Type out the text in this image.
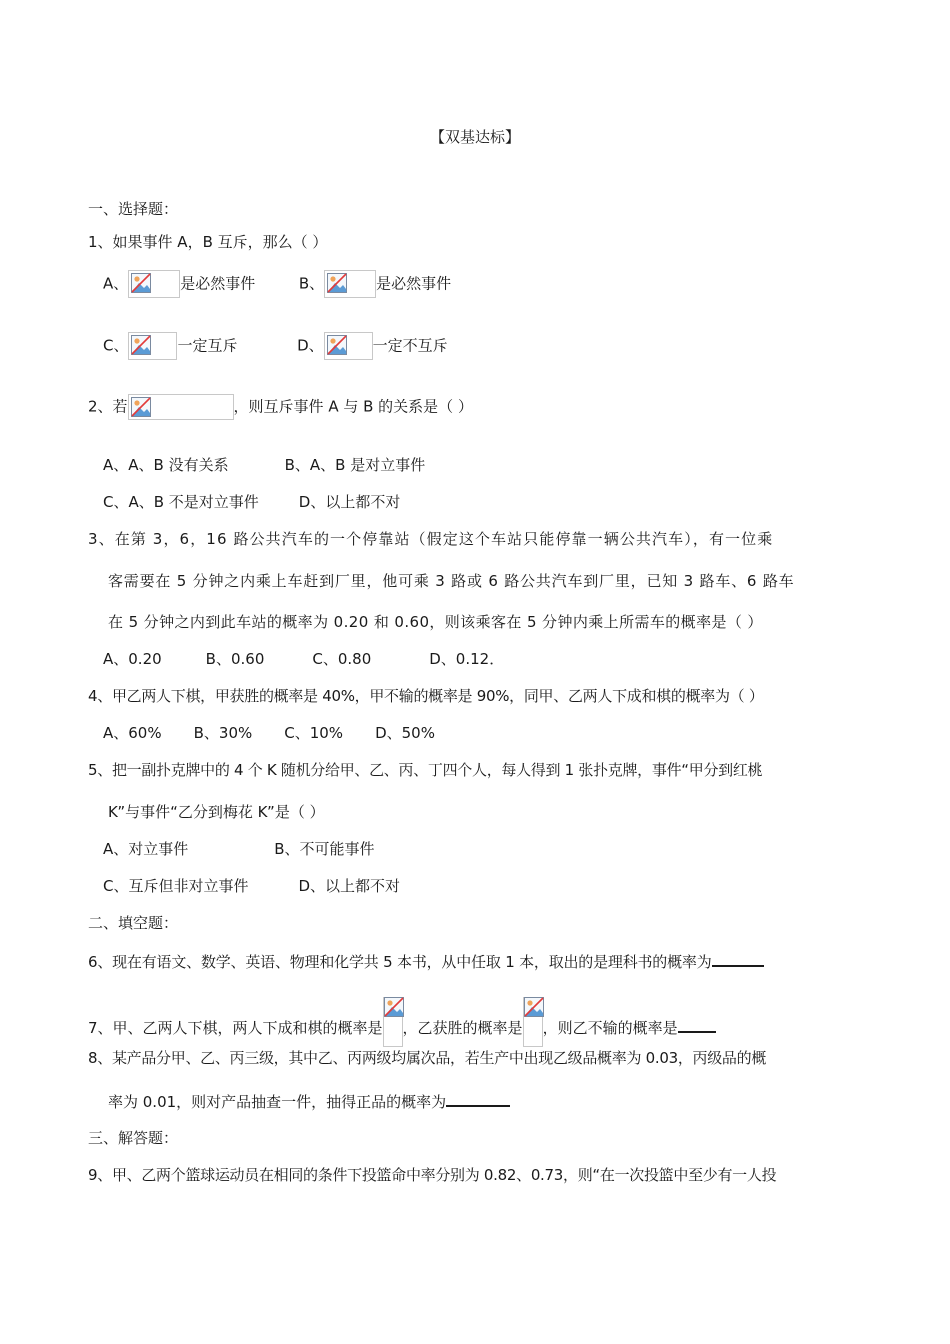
【双基达标】
一、选择题：
1、如果事件 A，B 互斥，那么（ ）
A、	是必然事件	B、	是必然事件
C、	一定互斥	D、	一定不互斥
2、若	，则互斥事件 A 与 B 的关系是（ ）
A、A、B 没有关系	B、A、B 是对立事件
C、A、B 不是对立事件	D、以上都不对
3、在第 3，6，16 路公共汽车的一个停靠站（假定这个车站只能停靠一辆公共汽车），有一位乘
客需要在 5 分钟之内乘上车赶到厂里，他可乘 3 路或 6 路公共汽车到厂里，已知 3 路车、6 路车
在 5 分钟之内到此车站的概率为 0.20 和 0.60，则该乘客在 5 分钟内乘上所需车的概率是（ ）
A、0.20	B、0.60	C、0.80	D、0.12．
4、甲乙两人下棋，甲获胜的概率是 40%，甲不输的概率是 90%，同甲、乙两人下成和棋的概率为（ ）
A、60% B、30% C、10% D、50%
5、把一副扑克牌中的 4 个 K 随机分给甲、乙、丙、丁四个人，每人得到 1 张扑克牌，事件“甲分到红桃
K”与事件“乙分到梅花 K”是（ ）
A、对立事件	B、不可能事件
C、互斥但非对立事件	D、以上都不对
二、填空题：
6、现在有语文、数学、英语、物理和化学共 5 本书，从中任取 1 本，取出的是理科书的概率为
7、甲、乙两人下棋，两人下成和棋的概率是 ，乙获胜的概率是 ，则乙不输的概率是
8、某产品分甲、乙、丙三级，其中乙、丙两级均属次品，若生产中出现乙级品概率为 0.03，丙级品的概
率为 0.01，则对产品抽查一件，抽得正品的概率为
三、解答题：
9、甲、乙两个篮球运动员在相同的条件下投篮命中率分别为 0.82、0.73，则“在一次投篮中至少有一人投
